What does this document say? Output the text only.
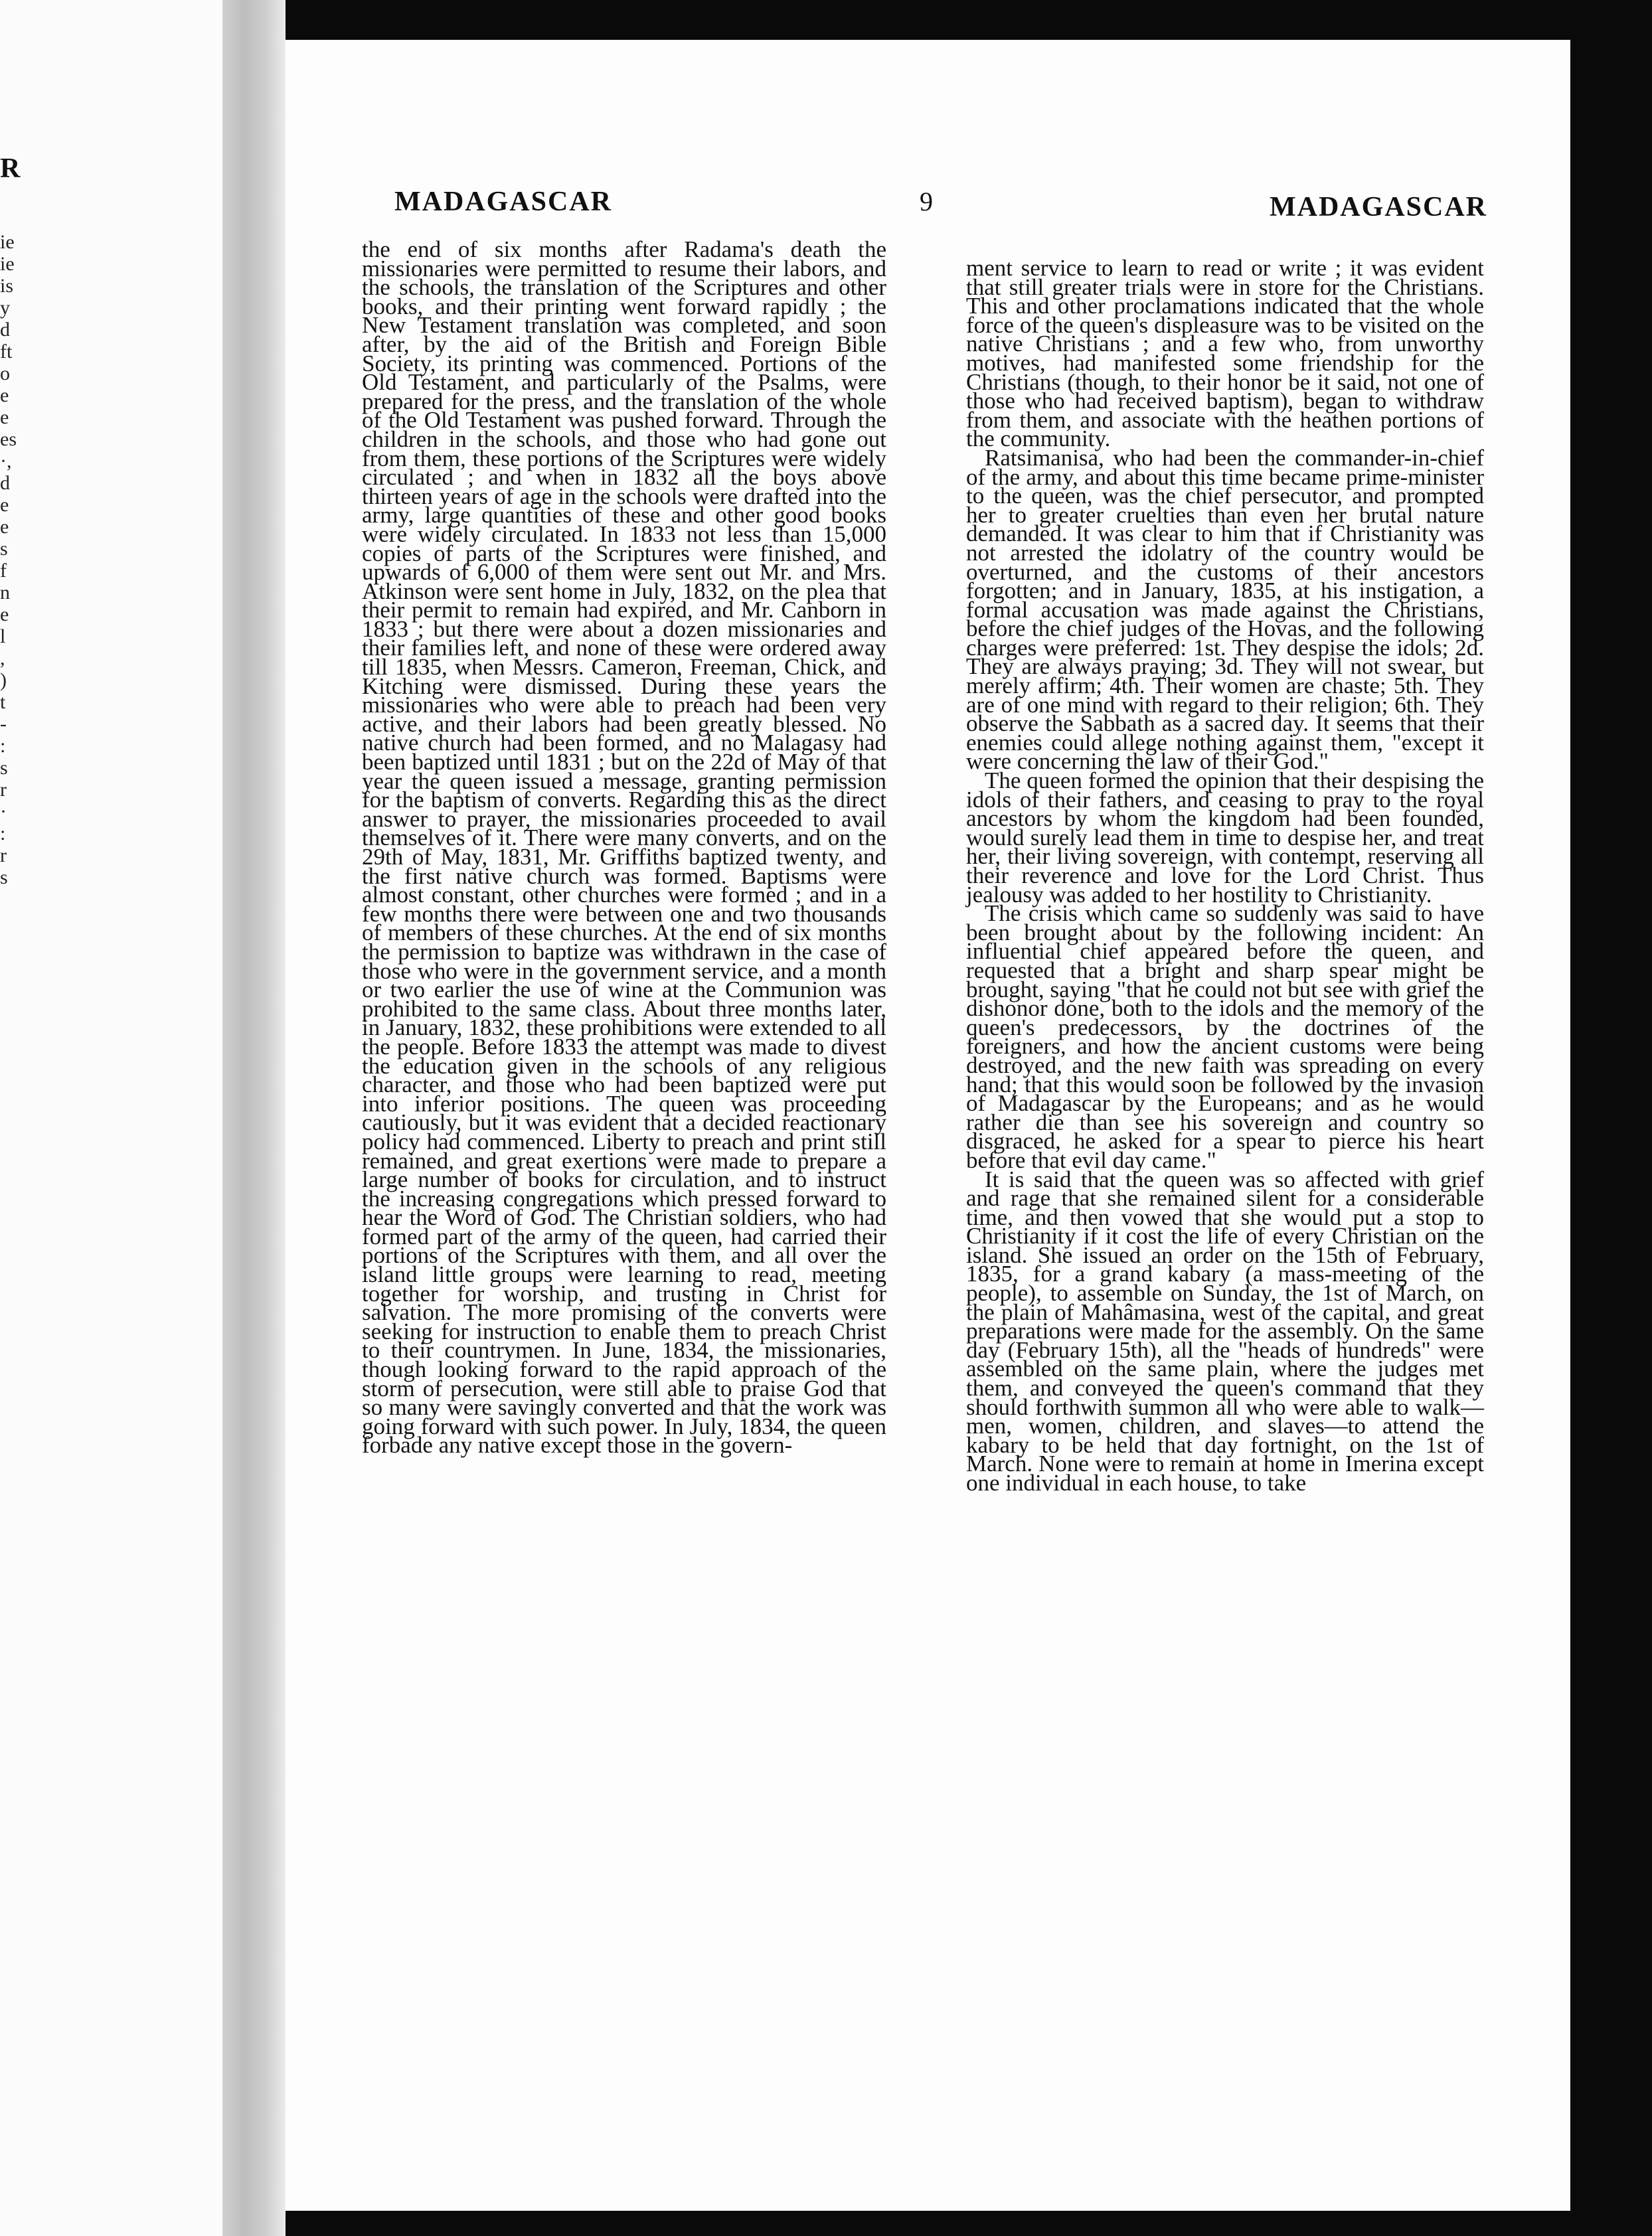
R
ie
ie
is
y
d
ft
o
e
e
es
·,
d
e
e
s
f
n
e
l
,
)
t
-
:
s
r
·
:
r
s
MADAGASCAR	9	MADAGASCAR

the end of six months after Radama's death the missionaries were permitted to resume their labors, and the schools, the translation of the Scriptures and other books, and their printing went forward rapidly ; the New Testament translation was completed, and soon after, by the aid of the British and Foreign Bible Society, its printing was commenced. Portions of the Old Testament, and particularly of the Psalms, were prepared for the press, and the translation of the whole of the Old Testament was pushed forward. Through the children in the schools, and those who had gone out from them, these portions of the Scriptures were widely circulated ; and when in 1832 all the boys above thirteen years of age in the schools were drafted into the army, large quantities of these and other good books were widely circulated. In 1833 not less than 15,000 copies of parts of the Scriptures were finished, and upwards of 6,000 of them were sent out Mr. and Mrs. Atkinson were sent home in July, 1832, on the plea that their permit to remain had expired, and Mr. Canborn in 1833 ; but there were about a dozen missionaries and their families left, and none of these were ordered away till 1835, when Messrs. Cameron, Freeman, Chick, and Kitching were dismissed. During these years the missionaries who were able to preach had been very active, and their labors had been greatly blessed. No native church had been formed, and no Malagasy had been baptized until 1831 ; but on the 22d of May of that year the queen issued a message, granting permission for the baptism of converts. Regarding this as the direct answer to prayer, the missionaries proceeded to avail themselves of it. There were many converts, and on the 29th of May, 1831, Mr. Griffiths baptized twenty, and the first native church was formed. Baptisms were almost constant, other churches were formed ; and in a few months there were between one and two thousands of members of these churches. At the end of six months the permission to baptize was withdrawn in the case of those who were in the government service, and a month or two earlier the use of wine at the Communion was prohibited to the same class. About three months later, in January, 1832, these prohibitions were extended to all the people. Before 1833 the attempt was made to divest the education given in the schools of any religious character, and those who had been baptized were put into inferior positions. The queen was proceeding cautiously, but it was evident that a decided reactionary policy had commenced. Liberty to preach and print still remained, and great exertions were made to prepare a large number of books for circulation, and to instruct the increasing congregations which pressed forward to hear the Word of God. The Christian soldiers, who had formed part of the army of the queen, had carried their portions of the Scriptures with them, and all over the island little groups were learning to read, meeting together for worship, and trusting in Christ for salvation. The more promising of the converts were seeking for instruction to enable them to preach Christ to their countrymen. In June, 1834, the missionaries, though looking forward to the rapid approach of the storm of persecution, were still able to praise God that so many were savingly converted and that the work was going forward with such power. In July, 1834, the queen forbade any native except those in the govern-

ment service to learn to read or write ; it was evident that still greater trials were in store for the Christians. This and other proclamations indicated that the whole force of the queen's displeasure was to be visited on the native Christians ; and a few who, from unworthy motives, had manifested some friendship for the Christians (though, to their honor be it said, not one of those who had received baptism), began to withdraw from them, and associate with the heathen portions of the community.

Ratsimanisa, who had been the commander-in-chief of the army, and about this time became prime-minister to the queen, was the chief persecutor, and prompted her to greater cruelties than even her brutal nature demanded. It was clear to him that if Christianity was not arrested the idolatry of the country would be overturned, and the customs of their ancestors forgotten; and in January, 1835, at his instigation, a formal accusation was made against the Christians, before the chief judges of the Hovas, and the following charges were preferred: 1st. They despise the idols; 2d. They are always praying; 3d. They will not swear, but merely affirm; 4th. Their women are chaste; 5th. They are of one mind with regard to their religion; 6th. They observe the Sabbath as a sacred day. It seems that their enemies could allege nothing against them, "except it were concerning the law of their God."

The queen formed the opinion that their despising the idols of their fathers, and ceasing to pray to the royal ancestors by whom the kingdom had been founded, would surely lead them in time to despise her, and treat her, their living sovereign, with contempt, reserving all their reverence and love for the Lord Christ. Thus jealousy was added to her hostility to Christianity.

The crisis which came so suddenly was said to have been brought about by the following incident: An influential chief appeared before the queen, and requested that a bright and sharp spear might be brought, saying "that he could not but see with grief the dishonor done, both to the idols and the memory of the queen's predecessors, by the doctrines of the foreigners, and how the ancient customs were being destroyed, and the new faith was spreading on every hand; that this would soon be followed by the invasion of Madagascar by the Europeans; and as he would rather die than see his sovereign and country so disgraced, he asked for a spear to pierce his heart before that evil day came."

It is said that the queen was so affected with grief and rage that she remained silent for a considerable time, and then vowed that she would put a stop to Christianity if it cost the life of every Christian on the island. She issued an order on the 15th of February, 1835, for a grand kabary (a mass-meeting of the people), to assemble on Sunday, the 1st of March, on the plain of Mahâmasina, west of the capital, and great preparations were made for the assembly. On the same day (February 15th), all the "heads of hundreds" were assembled on the same plain, where the judges met them, and conveyed the queen's command that they should forthwith summon all who were able to walk—men, women, children, and slaves—to attend the kabary to be held that day fortnight, on the 1st of March. None were to remain at home in Imerina except one individual in each house, to take
